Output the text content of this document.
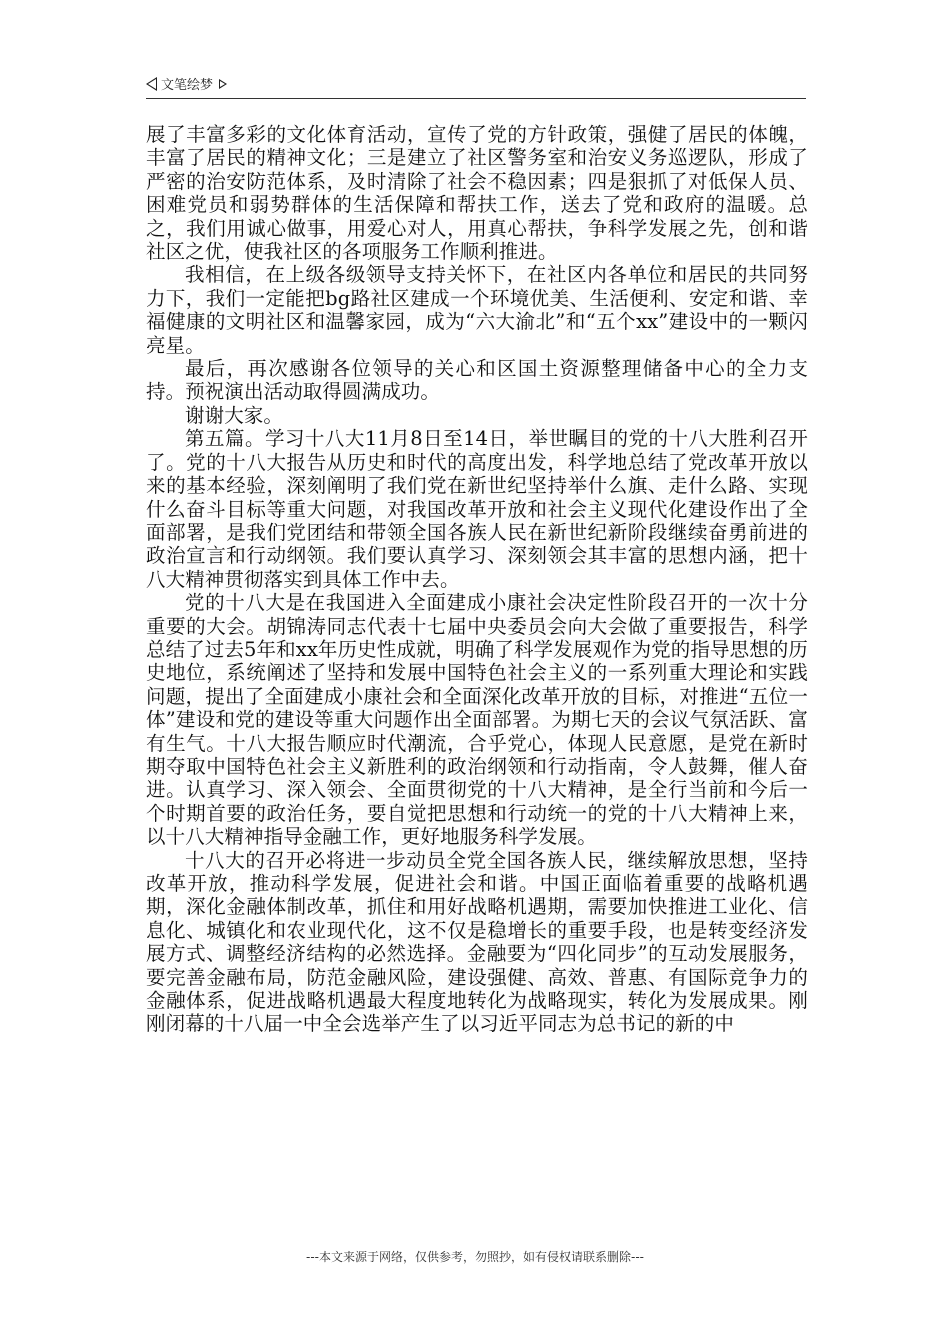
文笔绘梦

展了丰富多彩的文化体育活动，宣传了党的方针政策，强健了居民的体魄，丰富了居民的精神文化；三是建立了社区警务室和治安义务巡逻队，形成了严密的治安防范体系，及时清除了社会不稳因素；四是狠抓了对低保人员、困难党员和弱势群体的生活保障和帮扶工作，送去了党和政府的温暖。总之，我们用诚心做事，用爱心对人，用真心帮扶，争科学发展之先，创和谐社区之优，使我社区的各项服务工作顺利推进。

我相信，在上级各级领导支持关怀下，在社区内各单位和居民的共同努力下，我们一定能把bg路社区建成一个环境优美、生活便利、安定和谐、幸福健康的文明社区和温馨家园，成为“六大渝北”和“五个xx”建设中的一颗闪亮星。

最后，再次感谢各位领导的关心和区国土资源整理储备中心的全力支持。预祝演出活动取得圆满成功。

谢谢大家。

第五篇。学习十八大11月8日至14日，举世瞩目的党的十八大胜利召开了。党的十八大报告从历史和时代的高度出发，科学地总结了党改革开放以来的基本经验，深刻阐明了我们党在新世纪坚持举什么旗、走什么路、实现什么奋斗目标等重大问题，对我国改革开放和社会主义现代化建设作出了全面部署，是我们党团结和带领全国各族人民在新世纪新阶段继续奋勇前进的政治宣言和行动纲领。我们要认真学习、深刻领会其丰富的思想内涵，把十八大精神贯彻落实到具体工作中去。

党的十八大是在我国进入全面建成小康社会决定性阶段召开的一次十分重要的大会。胡锦涛同志代表十七届中央委员会向大会做了重要报告，科学总结了过去5年和xx年历史性成就，明确了科学发展观作为党的指导思想的历史地位，系统阐述了坚持和发展中国特色社会主义的一系列重大理论和实践问题，提出了全面建成小康社会和全面深化改革开放的目标，对推进“五位一体”建设和党的建设等重大问题作出全面部署。为期七天的会议气氛活跃、富有生气。十八大报告顺应时代潮流，合乎党心，体现人民意愿，是党在新时期夺取中国特色社会主义新胜利的政治纲领和行动指南，令人鼓舞，催人奋进。认真学习、深入领会、全面贯彻党的十八大精神，是全行当前和今后一个时期首要的政治任务，要自觉把思想和行动统一的党的十八大精神上来，以十八大精神指导金融工作，更好地服务科学发展。

十八大的召开必将进一步动员全党全国各族人民，继续解放思想，坚持改革开放，推动科学发展，促进社会和谐。中国正面临着重要的战略机遇期，深化金融体制改革，抓住和用好战略机遇期，需要加快推进工业化、信息化、城镇化和农业现代化，这不仅是稳增长的重要手段，也是转变经济发展方式、调整经济结构的必然选择。金融要为“四化同步”的互动发展服务，要完善金融布局，防范金融风险，建设强健、高效、普惠、有国际竞争力的金融体系，促进战略机遇最大程度地转化为战略现实，转化为发展成果。刚刚闭幕的十八届一中全会选举产生了以习近平同志为总书记的新的中

---本文来源于网络，仅供参考，勿照抄，如有侵权请联系删除---
